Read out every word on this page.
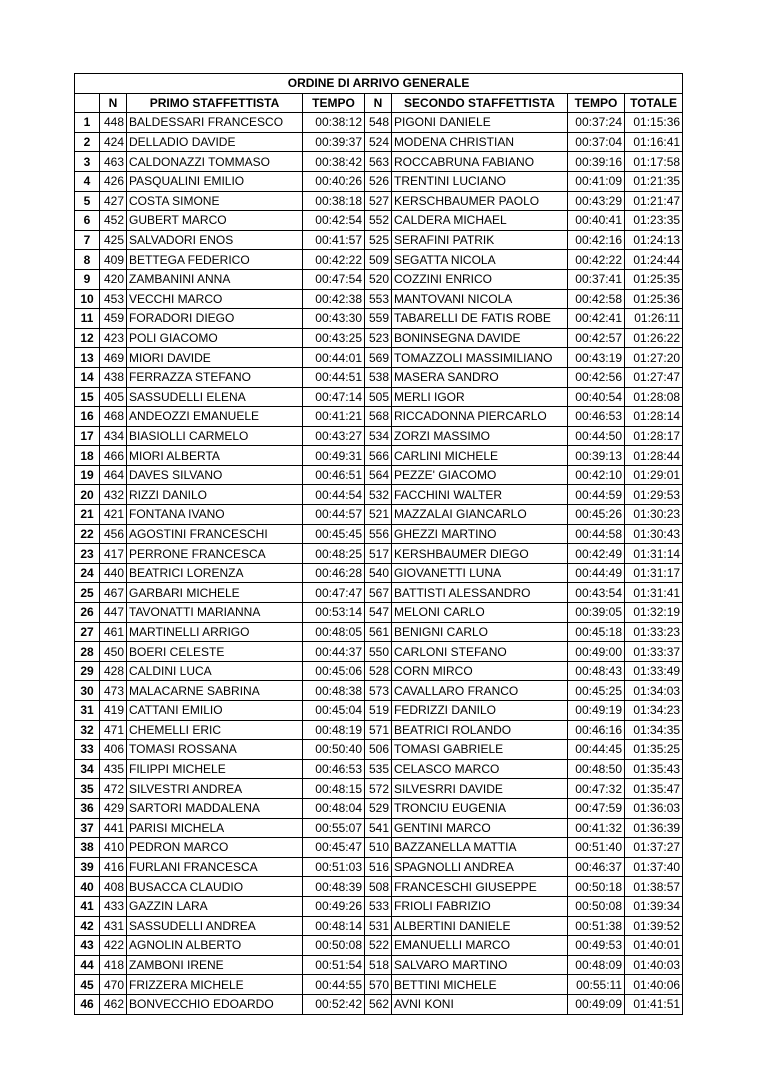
ORDINE DI ARRIVO GENERALE							
	N	PRIMO STAFFETTISTA	TEMPO	N	SECONDO STAFFETTISTA	TEMPO	TOTALE
1	448	BALDESSARI FRANCESCO	00:38:12	548	PIGONI DANIELE	00:37:24	01:15:36
2	424	DELLADIO DAVIDE	00:39:37	524	MODENA CHRISTIAN	00:37:04	01:16:41
3	463	CALDONAZZI TOMMASO	00:38:42	563	ROCCABRUNA FABIANO	00:39:16	01:17:58
4	426	PASQUALINI EMILIO	00:40:26	526	TRENTINI LUCIANO	00:41:09	01:21:35
5	427	COSTA SIMONE	00:38:18	527	KERSCHBAUMER PAOLO	00:43:29	01:21:47
6	452	GUBERT MARCO	00:42:54	552	CALDERA MICHAEL	00:40:41	01:23:35
7	425	SALVADORI ENOS	00:41:57	525	SERAFINI PATRIK	00:42:16	01:24:13
8	409	BETTEGA FEDERICO	00:42:22	509	SEGATTA NICOLA	00:42:22	01:24:44
9	420	ZAMBANINI ANNA	00:47:54	520	COZZINI ENRICO	00:37:41	01:25:35
10	453	VECCHI MARCO	00:42:38	553	MANTOVANI NICOLA	00:42:58	01:25:36
11	459	FORADORI DIEGO	00:43:30	559	TABARELLI DE FATIS ROBE	00:42:41	01:26:11
12	423	POLI GIACOMO	00:43:25	523	BONINSEGNA DAVIDE	00:42:57	01:26:22
13	469	MIORI DAVIDE	00:44:01	569	TOMAZZOLI MASSIMILIANO	00:43:19	01:27:20
14	438	FERRAZZA STEFANO	00:44:51	538	MASERA SANDRO	00:42:56	01:27:47
15	405	SASSUDELLI ELENA	00:47:14	505	MERLI IGOR	00:40:54	01:28:08
16	468	ANDEOZZI EMANUELE	00:41:21	568	RICCADONNA PIERCARLO	00:46:53	01:28:14
17	434	BIASIOLLI CARMELO	00:43:27	534	ZORZI MASSIMO	00:44:50	01:28:17
18	466	MIORI ALBERTA	00:49:31	566	CARLINI MICHELE	00:39:13	01:28:44
19	464	DAVES SILVANO	00:46:51	564	PEZZE' GIACOMO	00:42:10	01:29:01
20	432	RIZZI DANILO	00:44:54	532	FACCHINI WALTER	00:44:59	01:29:53
21	421	FONTANA IVANO	00:44:57	521	MAZZALAI GIANCARLO	00:45:26	01:30:23
22	456	AGOSTINI FRANCESCHI	00:45:45	556	GHEZZI MARTINO	00:44:58	01:30:43
23	417	PERRONE FRANCESCA	00:48:25	517	KERSHBAUMER DIEGO	00:42:49	01:31:14
24	440	BEATRICI LORENZA	00:46:28	540	GIOVANETTI LUNA	00:44:49	01:31:17
25	467	GARBARI MICHELE	00:47:47	567	BATTISTI ALESSANDRO	00:43:54	01:31:41
26	447	TAVONATTI MARIANNA	00:53:14	547	MELONI CARLO	00:39:05	01:32:19
27	461	MARTINELLI ARRIGO	00:48:05	561	BENIGNI CARLO	00:45:18	01:33:23
28	450	BOERI CELESTE	00:44:37	550	CARLONI STEFANO	00:49:00	01:33:37
29	428	CALDINI LUCA	00:45:06	528	CORN MIRCO	00:48:43	01:33:49
30	473	MALACARNE SABRINA	00:48:38	573	CAVALLARO FRANCO	00:45:25	01:34:03
31	419	CATTANI EMILIO	00:45:04	519	FEDRIZZI DANILO	00:49:19	01:34:23
32	471	CHEMELLI ERIC	00:48:19	571	BEATRICI ROLANDO	00:46:16	01:34:35
33	406	TOMASI ROSSANA	00:50:40	506	TOMASI GABRIELE	00:44:45	01:35:25
34	435	FILIPPI MICHELE	00:46:53	535	CELASCO MARCO	00:48:50	01:35:43
35	472	SILVESTRI ANDREA	00:48:15	572	SILVESRRI DAVIDE	00:47:32	01:35:47
36	429	SARTORI MADDALENA	00:48:04	529	TRONCIU EUGENIA	00:47:59	01:36:03
37	441	PARISI MICHELA	00:55:07	541	GENTINI MARCO	00:41:32	01:36:39
38	410	PEDRON MARCO	00:45:47	510	BAZZANELLA MATTIA	00:51:40	01:37:27
39	416	FURLANI FRANCESCA	00:51:03	516	SPAGNOLLI ANDREA	00:46:37	01:37:40
40	408	BUSACCA CLAUDIO	00:48:39	508	FRANCESCHI GIUSEPPE	00:50:18	01:38:57
41	433	GAZZIN LARA	00:49:26	533	FRIOLI FABRIZIO	00:50:08	01:39:34
42	431	SASSUDELLI ANDREA	00:48:14	531	ALBERTINI DANIELE	00:51:38	01:39:52
43	422	AGNOLIN ALBERTO	00:50:08	522	EMANUELLI MARCO	00:49:53	01:40:01
44	418	ZAMBONI IRENE	00:51:54	518	SALVARO MARTINO	00:48:09	01:40:03
45	470	FRIZZERA MICHELE	00:44:55	570	BETTINI MICHELE	00:55:11	01:40:06
46	462	BONVECCHIO EDOARDO	00:52:42	562	AVNI KONI	00:49:09	01:41:51
